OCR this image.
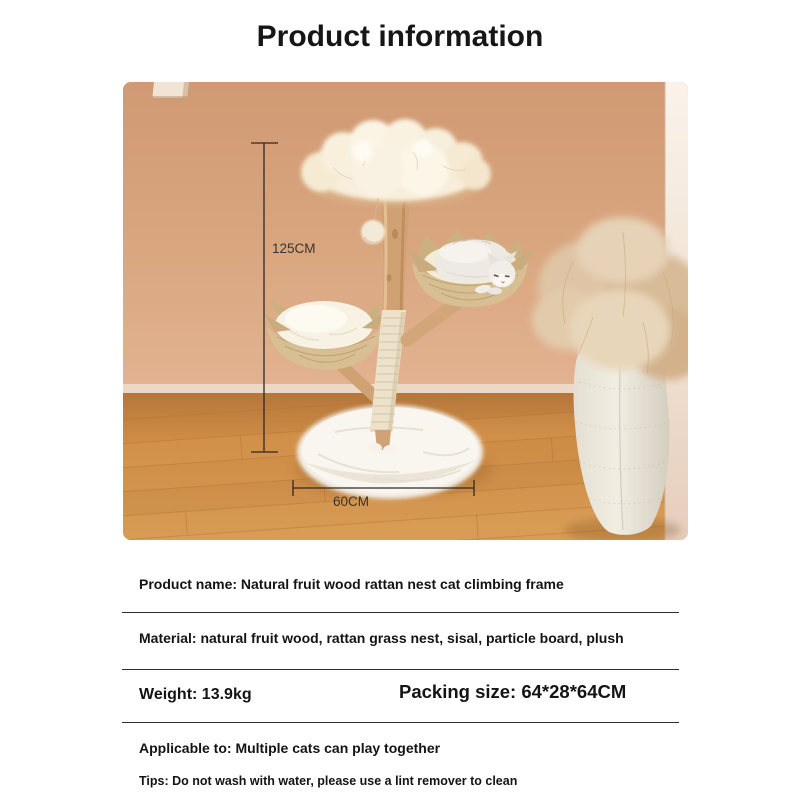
Product information
125CM
60CM
Product name: Natural fruit wood rattan nest cat climbing frame
Material: natural fruit wood, rattan grass nest, sisal, particle board, plush
Weight: 13.9kg	Packing size: 64*28*64CM
Applicable to: Multiple cats can play together
Tips: Do not wash with water, please use a lint remover to clean
